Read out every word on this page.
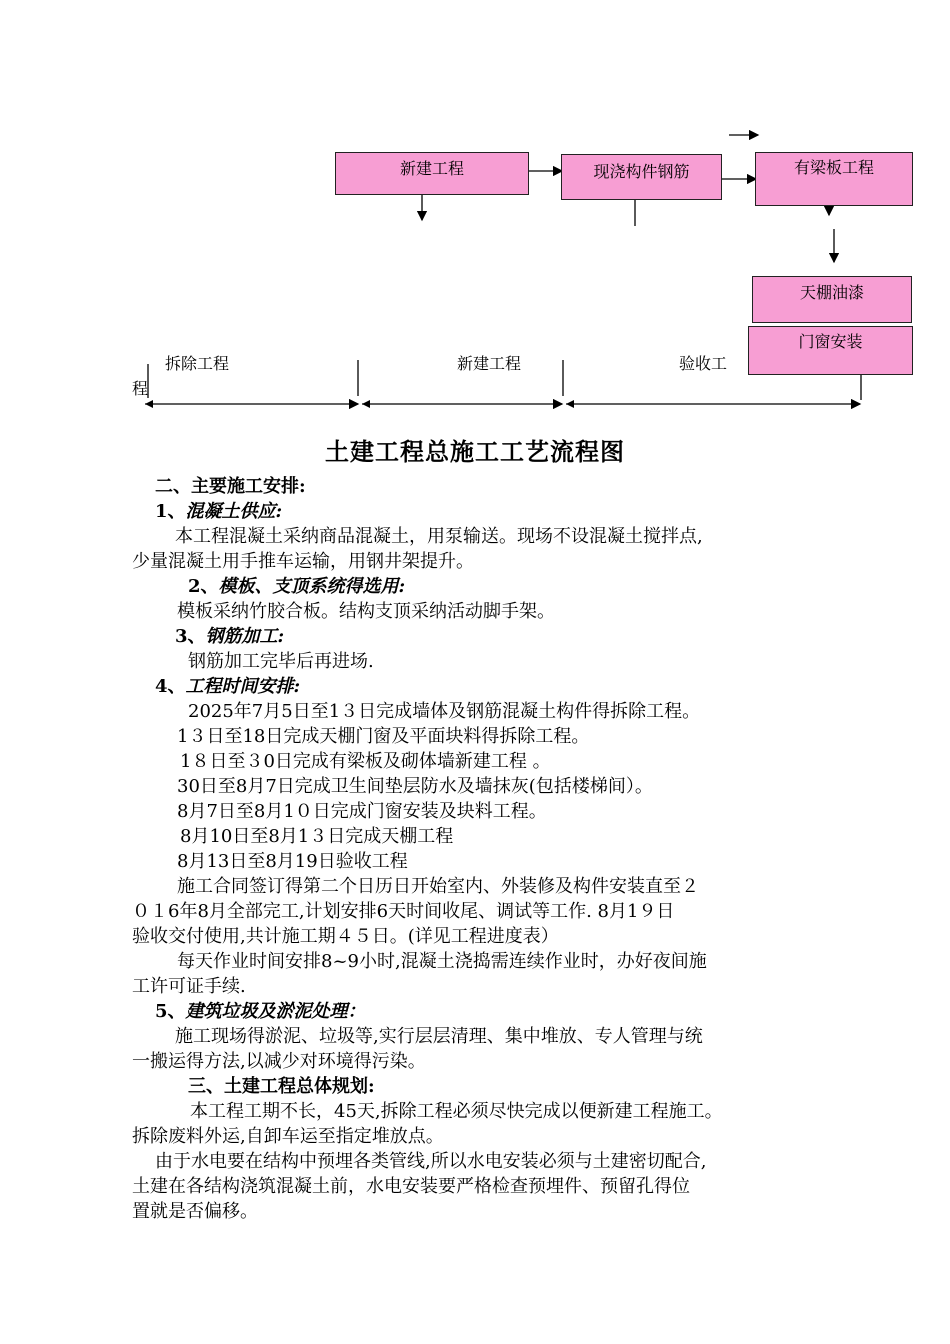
新建工程	现浇构件钢筋	有梁板工程
天棚油漆
门窗安装
拆除工程
程
新建工程	验收工
土建工程总施工工艺流程图
二、主要施工安排:
1、混凝土供应:
本工程混凝土采纳商品混凝土，用泵输送。现场不设混凝土搅拌点,
少量混凝土用手推车运输，用钢井架提升。
2、模板、支顶系统得选用:
模板采纳竹胶合板。结构支顶采纳活动脚手架。
3、钢筋加工:
钢筋加工完毕后再进场.
4、工程时间安排:
2025年7月5日至1３日完成墙体及钢筋混凝土构件得拆除工程。
1３日至18日完成天棚门窗及平面块料得拆除工程。
1８日至３0日完成有梁板及砌体墙新建工程 。
30日至8月7日完成卫生间垫层防水及墙抹灰(包括楼梯间）。
8月7日至8月1０日完成门窗安装及块料工程。
8月10日至8月1３日完成天棚工程
8月13日至8月19日验收工程
施工合同签订得第二个日历日开始室内、外装修及构件安装直至２
０１6年8月全部完工,计划安排6天时间收尾、调试等工作. 8月1９日
验收交付使用,共计施工期４５日。(详见工程进度表）
每天作业时间安排8~9小时,混凝土浇捣需连续作业时，办好夜间施
工许可证手续.
5、建筑垃圾及淤泥处理：
施工现场得淤泥、垃圾等,实行层层清理、集中堆放、专人管理与统
一搬运得方法,以减少对环境得污染。
三、土建工程总体规划:
本工程工期不长，45天,拆除工程必须尽快完成以便新建工程施工。
拆除废料外运,自卸车运至指定堆放点。
由于水电要在结构中预埋各类管线,所以水电安装必须与土建密切配合,
土建在各结构浇筑混凝土前，水电安装要严格检查预埋件、预留孔得位
置就是否偏移。
